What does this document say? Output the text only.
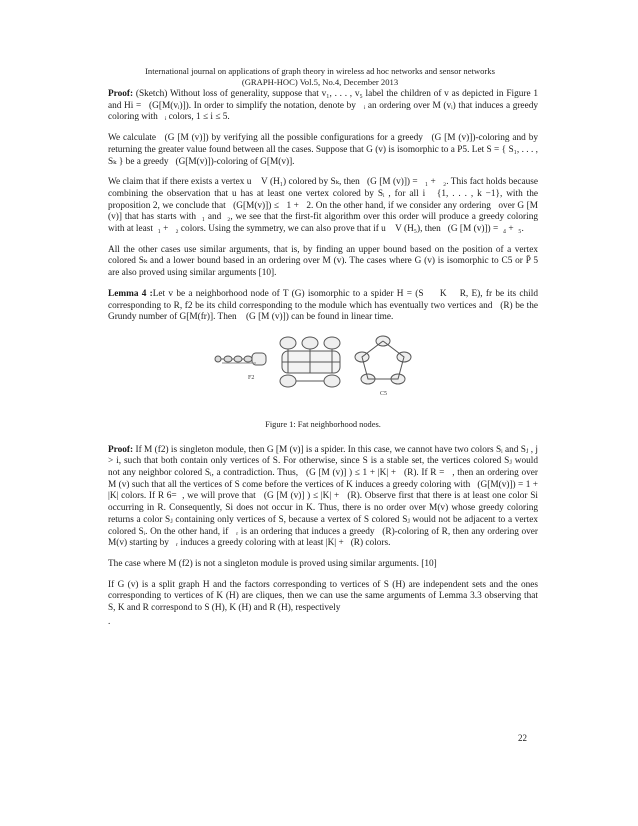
International journal on applications of graph theory in wireless ad hoc networks and sensor networks
(GRAPH-HOC) Vol.5, No.4, December 2013

Proof: (Sketch) Without loss of generality, suppose that v₁, . . . , v₅ label the children of v as depicted in Figure 1 and Hi =   (G[M(vᵢ)]). In order to simplify the notation, denote by   ᵢ an ordering over M (vᵢ) that induces a greedy coloring with   ᵢ colors, 1 ≤ i ≤ 5.

We calculate   (G [M (v)]) by verifying all the possible configurations for a greedy   (G [M (v)])-coloring and by returning the greater value found between all the cases. Suppose that G (v) is isomorphic to a P5. Let S = { S₁, . . . , Sₖ } be a greedy   (G[M(v)])-coloring of G[M(v)].

We claim that if there exists a vertex u    V (H₁) colored by Sₖ, then   (G [M (v)]) =   ₁ +   ₂. This fact holds because combining the observation that u has at least one vertex colored by Sᵢ , for all i   {1, . . . , k −1}, with the proposition 2, we conclude that   (G[M(v)]) ≤   1 +   2. On the other hand, if we consider any ordering   over G [M (v)] that has starts with  ₁ and  ₂, we see that the first-fit algorithm over this order will produce a greedy coloring with at least  ₁ +   ₂ colors. Using the symmetry, we can also prove that if u    V (H₅), then   (G [M (v)]) =  ₄ +  ₅.

All the other cases use similar arguments, that is, by finding an upper bound based on the position of a vertex colored Sₖ and a lower bound based in an ordering over M (v). The cases where G (v) is isomorphic to C5 or P̄ 5 are also proved using similar arguments [10].

Lemma 4 :Let v be a neighborhood node of T (G) isomorphic to a spider H = (S     K    R, E), fr be its child corresponding to R, f2 be its child corresponding to the module which has eventually two vertices and   (R) be the Grundy number of G[M(fr)]. Then    (G [M (v)]) can be found in linear time.

F2
C5
Figure 1: Fat neighborhood nodes.

Proof: If M (f2) is singleton module, then G [M (v)] is a spider. In this case, we cannot have two colors Sᵢ and Sⱼ , j > i, such that both contain only vertices of S. For otherwise, since S is a stable set, the vertices colored Sⱼ would not any neighbor colored Sᵢ, a contradiction. Thus,   (G [M (v)] ) ≤ 1 + |K| +   (R). If R =   , then an ordering over M (v) such that all the vertices of S come before the vertices of K induces a greedy coloring with   (G[M(v)]) = 1 + |K| colors. If R 6=  , we will prove that   (G [M (v)] ) ≤ |K| +   (R). Observe first that there is at least one color Si occurring in R. Consequently, Si does not occur in K. Thus, there is no order over M(v) whose greedy coloring returns a color Sⱼ containing only vertices of S, because a vertex of S colored Sⱼ would not be adjacent to a vertex colored Sᵢ. On the other hand, if   ᵣ is an ordering that induces a greedy   (R)-coloring of R, then any ordering over M(v) starting by   ᵣ induces a greedy coloring with at least |K| +   (R) colors.

The case where M (f2) is not a singleton module is proved using similar arguments. [10]

If G (v) is a split graph H and the factors corresponding to vertices of S (H) are independent sets and the ones corresponding to vertices of K (H) are cliques, then we can use the same arguments of Lemma 3.3 observing that S, K and R correspond to S (H), K (H) and R (H), respectively

.

22
